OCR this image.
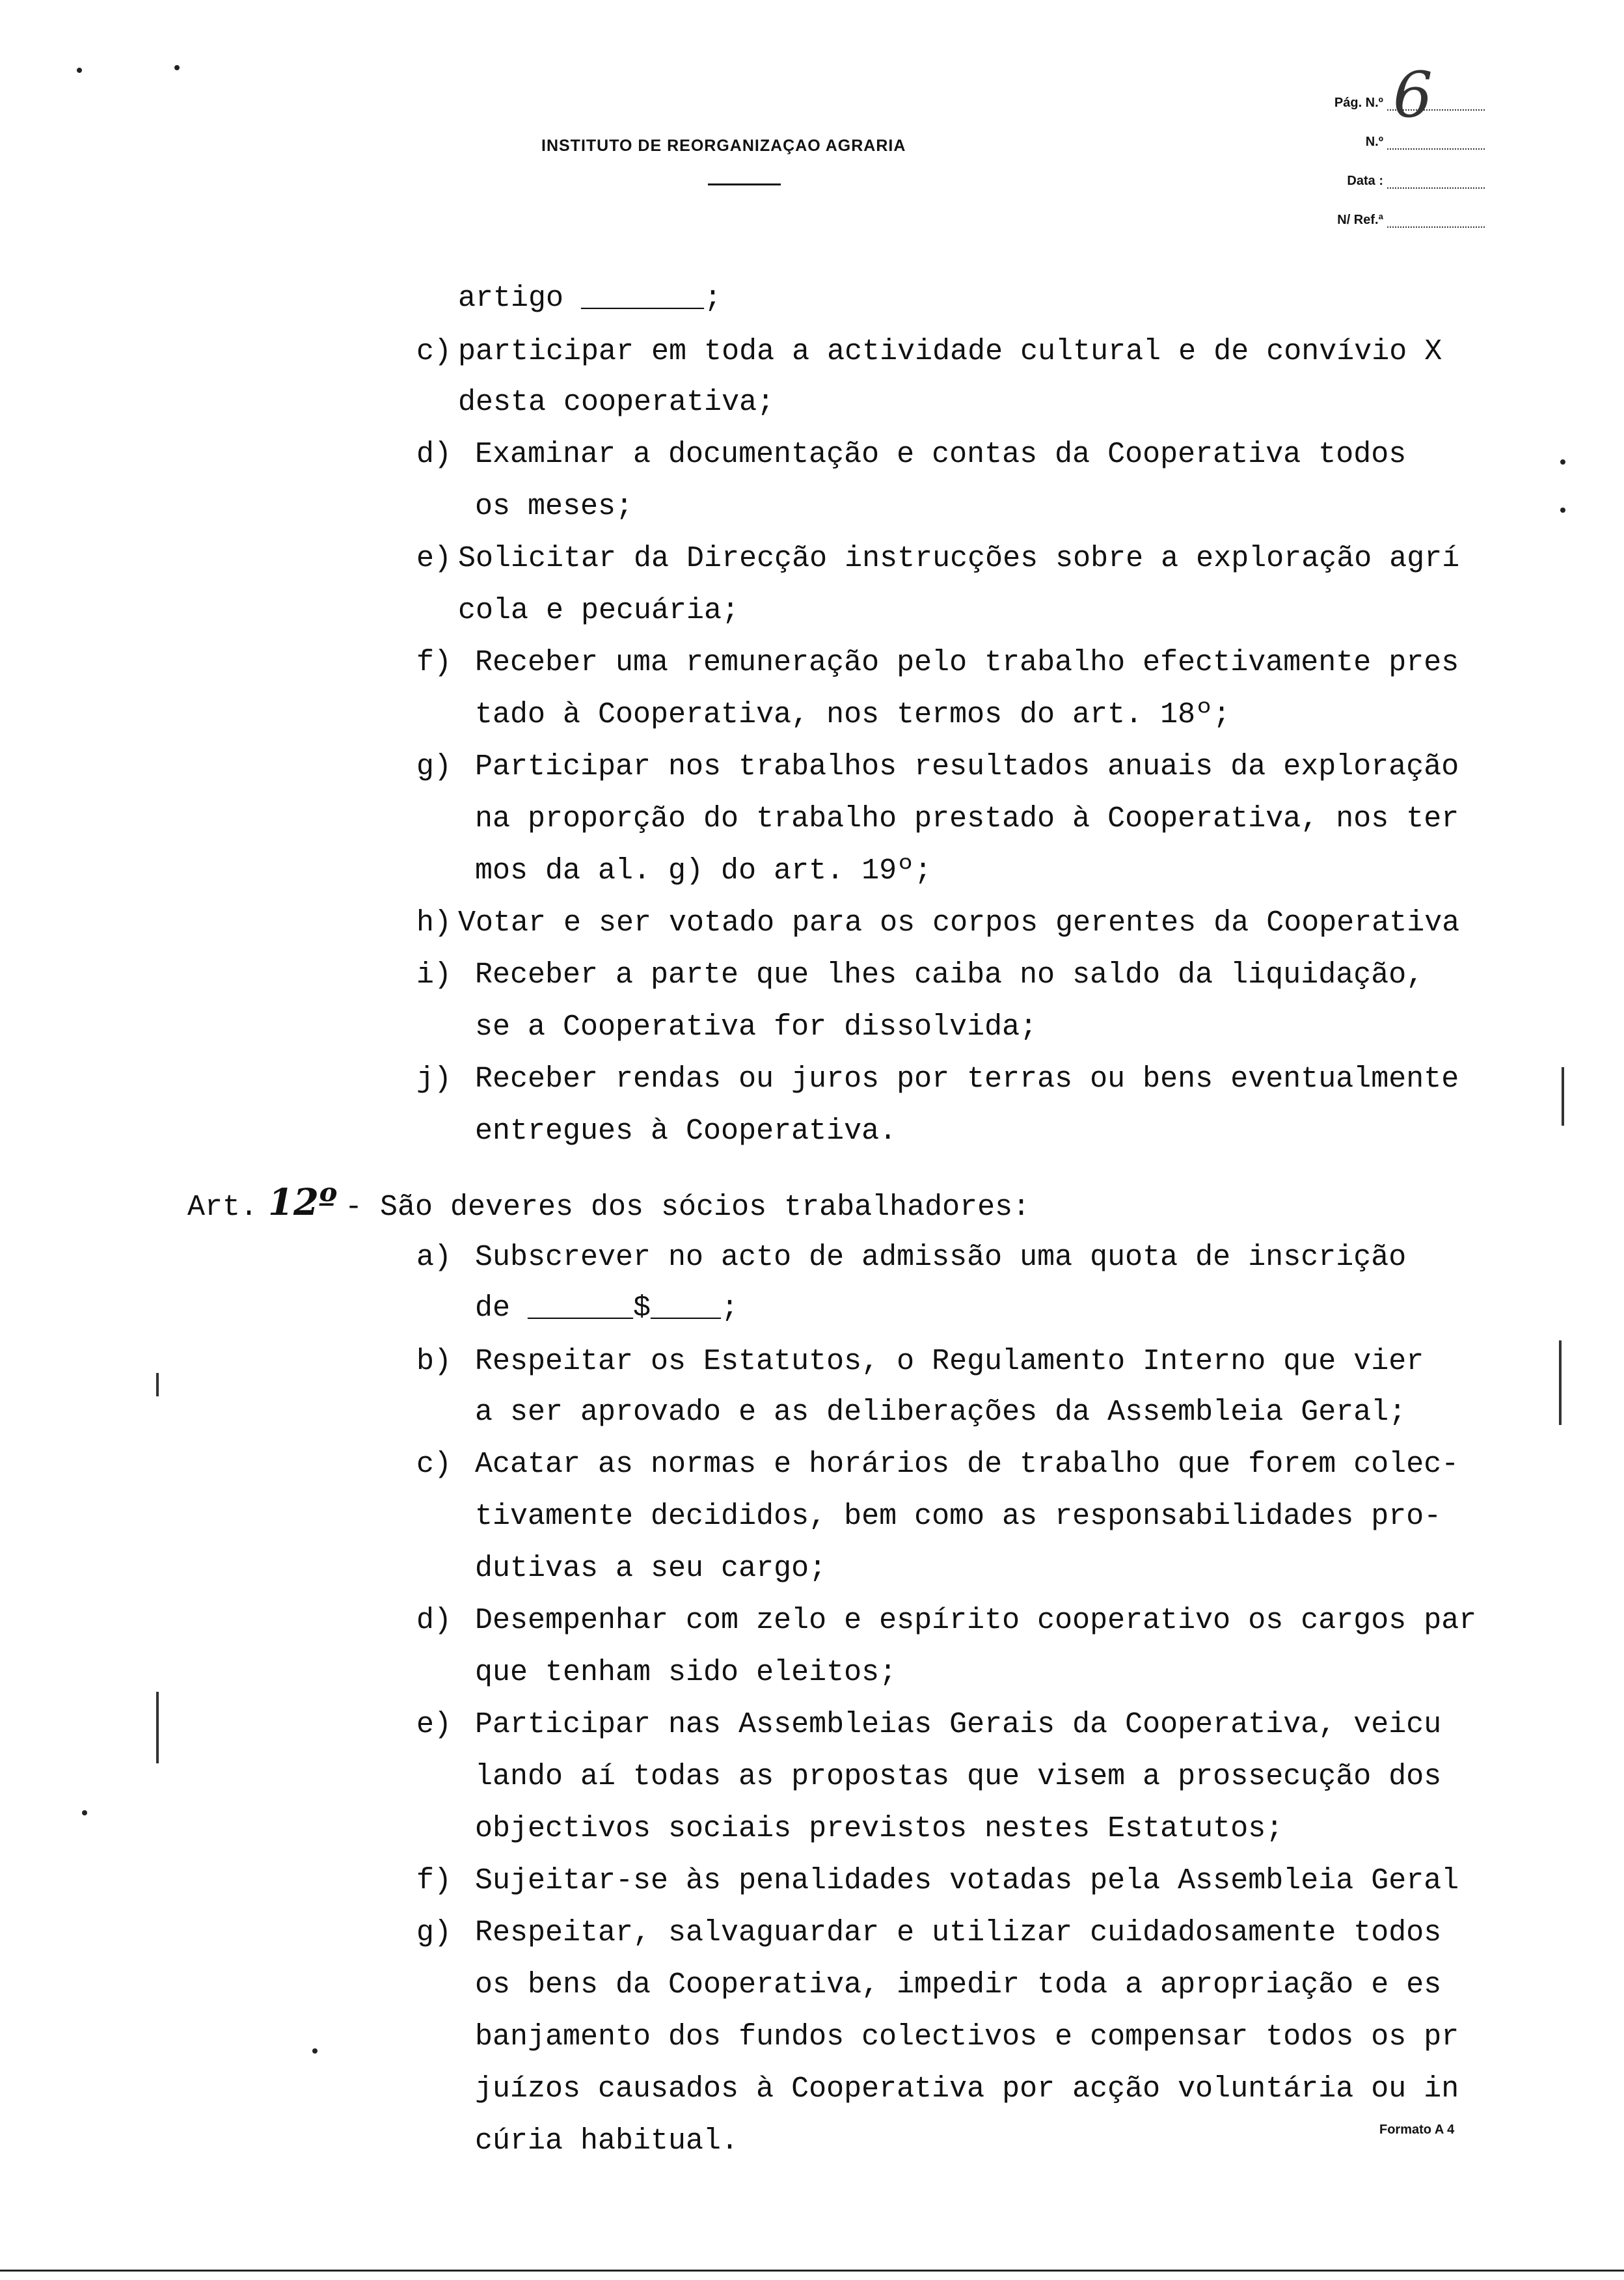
INSTITUTO DE REORGANIZAÇAO AGRARIA
6
Pág. N.º
N.º
Data :
N/ Ref.ª
artigo _______;
c) participar em toda a actividade cultural e de convívio X
desta cooperativa;
d) Examinar a documentação e contas da Cooperativa todos
os meses;
e) Solicitar da Direcção instrucções sobre a exploração agrí
cola e pecuária;
f) Receber uma remuneração pelo trabalho efectivamente pres
tado à Cooperativa, nos termos do art. 18º;
g) Participar nos trabalhos resultados anuais da exploração
na proporção do trabalho prestado à Cooperativa, nos ter
mos da al. g) do art. 19º;
h) Votar e ser votado para os corpos gerentes da Cooperativa
i) Receber a parte que lhes caiba no saldo da liquidação,
se a Cooperativa for dissolvida;
j) Receber rendas ou juros por terras ou bens eventualmente
entregues à Cooperativa.
Art. 12º - São deveres dos sócios trabalhadores:
a) Subscrever no acto de admissão uma quota de inscrição
de ______$____;
b) Respeitar os Estatutos, o Regulamento Interno que vier
a ser aprovado e as deliberações da Assembleia Geral;
c) Acatar as normas e horários de trabalho que forem colec-
tivamente decididos, bem como as responsabilidades pro-
dutivas a seu cargo;
d) Desempenhar com zelo e espírito cooperativo os cargos par
que tenham sido eleitos;
e) Participar nas Assembleias Gerais da Cooperativa, veicu
lando aí todas as propostas que visem a prossecução dos
objectivos sociais previstos nestes Estatutos;
f) Sujeitar-se às penalidades votadas pela Assembleia Geral
g) Respeitar, salvaguardar e utilizar cuidadosamente todos
os bens da Cooperativa, impedir toda a apropriação e es
banjamento dos fundos colectivos e compensar todos os pr
juízos causados à Cooperativa por acção voluntária ou in
cúria habitual.	Formato A 4
